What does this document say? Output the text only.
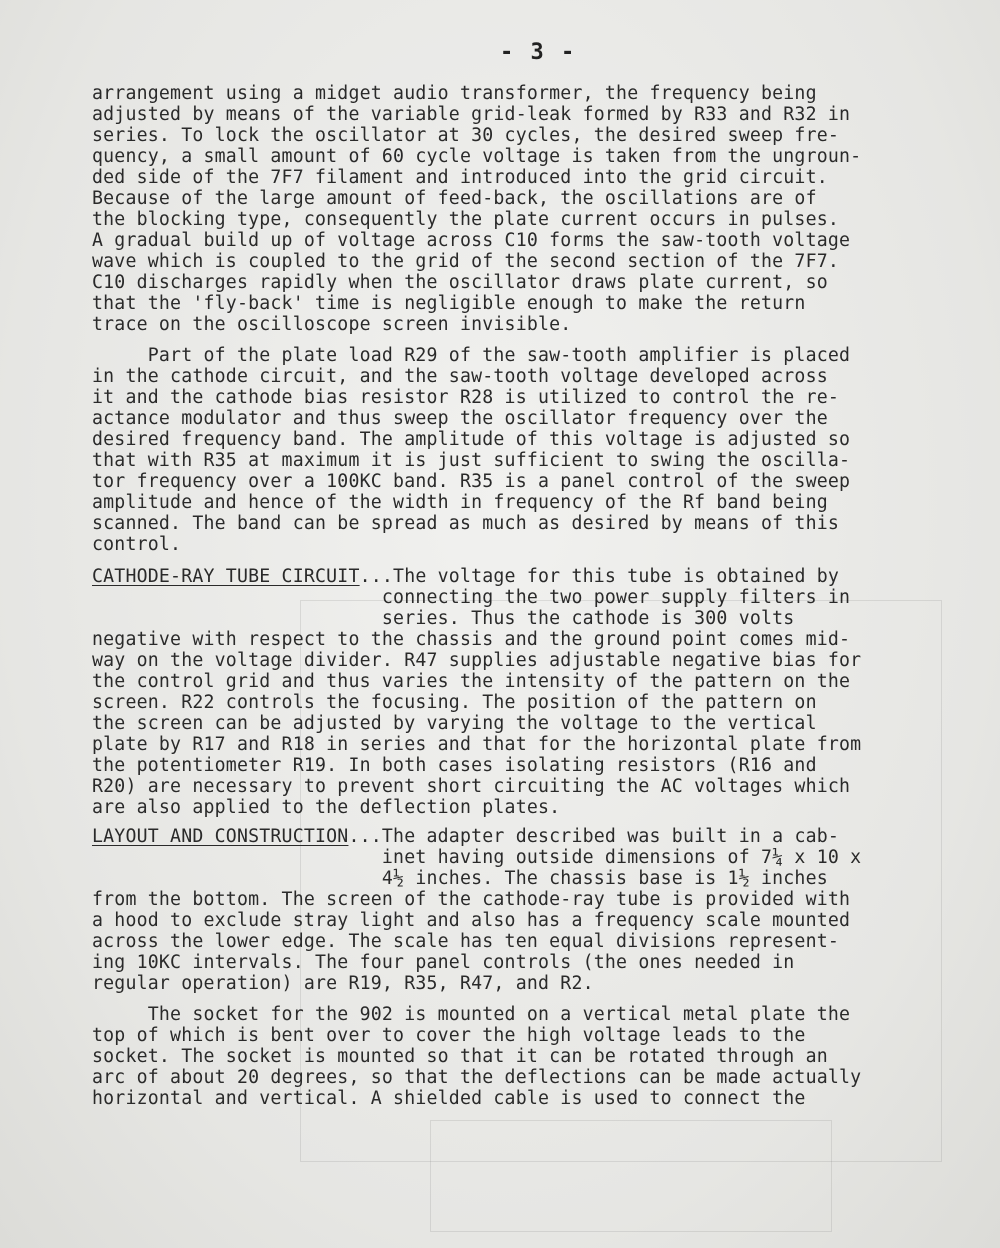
- 3 -
arrangement using a midget audio transformer, the frequency being
adjusted by means of the variable grid-leak formed by R33 and R32 in
series. To lock the oscillator at 30 cycles, the desired sweep fre-
quency, a small amount of 60 cycle voltage is taken from the ungroun-
ded side of the 7F7 filament and introduced into the grid circuit.
Because of the large amount of feed-back, the oscillations are of
the blocking type, consequently the plate current occurs in pulses.
A gradual build up of voltage across C10 forms the saw-tooth voltage
wave which is coupled to the grid of the second section of the 7F7.
C10 discharges rapidly when the oscillator draws plate current, so
that the 'fly-back' time is negligible enough to make the return
trace on the oscilloscope screen invisible.
Part of the plate load R29 of the saw-tooth amplifier is placed
in the cathode circuit, and the saw-tooth voltage developed across
it and the cathode bias resistor R28 is utilized to control the re-
actance modulator and thus sweep the oscillator frequency over the
desired frequency band. The amplitude of this voltage is adjusted so
that with R35 at maximum it is just sufficient to swing the oscilla-
tor frequency over a 100KC band. R35 is a panel control of the sweep
amplitude and hence of the width in frequency of the Rf band being
scanned. The band can be spread as much as desired by means of this
control.
CATHODE-RAY TUBE CIRCUIT...The voltage for this tube is obtained by
connecting the two power supply filters in
series. Thus the cathode is 300 volts
negative with respect to the chassis and the ground point comes mid-
way on the voltage divider. R47 supplies adjustable negative bias for
the control grid and thus varies the intensity of the pattern on the
screen. R22 controls the focusing. The position of the pattern on
the screen can be adjusted by varying the voltage to the vertical
plate by R17 and R18 in series and that for the horizontal plate from
the potentiometer R19. In both cases isolating resistors (R16 and
R20) are necessary to prevent short circuiting the AC voltages which
are also applied to the deflection plates.
LAYOUT AND CONSTRUCTION...The adapter described was built in a cab-
inet having outside dimensions of 7¼ x 10 x
4½ inches. The chassis base is 1½ inches
from the bottom. The screen of the cathode-ray tube is provided with
a hood to exclude stray light and also has a frequency scale mounted
across the lower edge. The scale has ten equal divisions represent-
ing 10KC intervals. The four panel controls (the ones needed in
regular operation) are R19, R35, R47, and R2.
The socket for the 902 is mounted on a vertical metal plate the
top of which is bent over to cover the high voltage leads to the
socket. The socket is mounted so that it can be rotated through an
arc of about 20 degrees, so that the deflections can be made actually
horizontal and vertical. A shielded cable is used to connect the
